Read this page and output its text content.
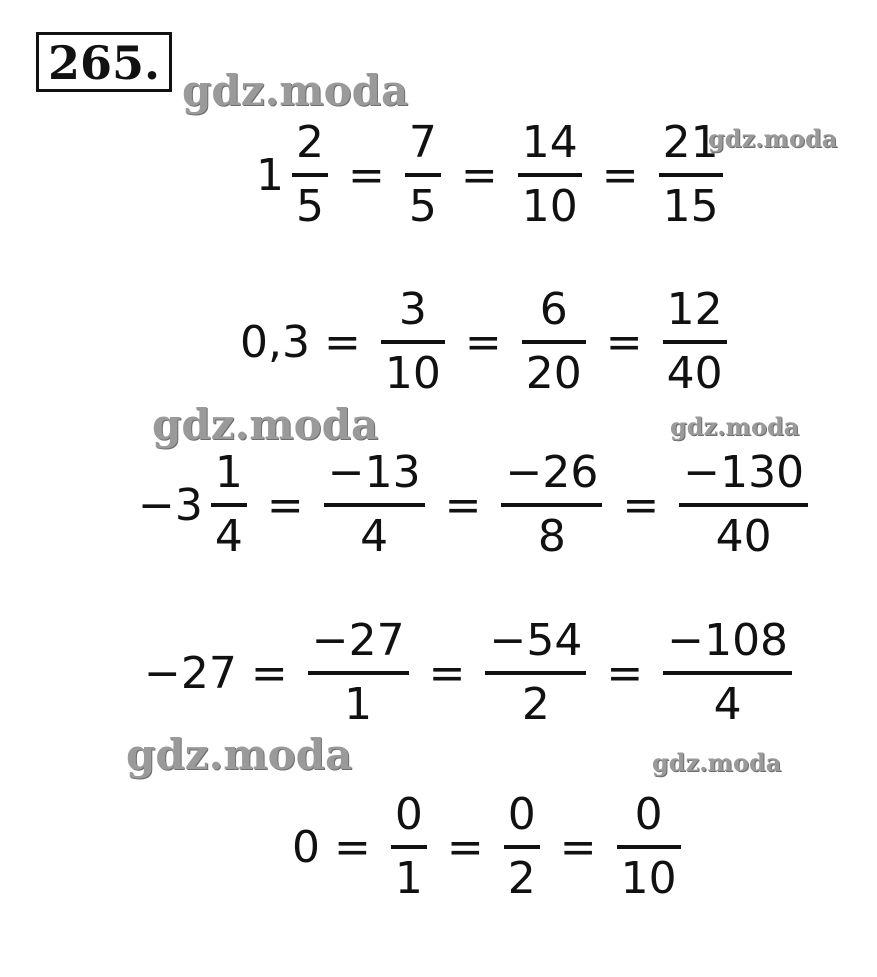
265.
$1 \frac{2}{5} = \frac{7}{5} = \frac{14}{10} = \frac{21}{15}$
$0,3 = \frac{3}{10} = \frac{6}{20} = \frac{12}{40}$
$-3 \frac{1}{4} = \frac{-13}{4} = \frac{-26}{8} = \frac{-130}{40}$
$-27 = \frac{-27}{1} = \frac{-54}{2} = \frac{-108}{4}$
$0 = \frac{0}{1} = \frac{0}{2} = \frac{0}{10}$
gdz.moda
gdz.moda
gdz.moda	gdz.moda
gdz.moda	gdz.moda
